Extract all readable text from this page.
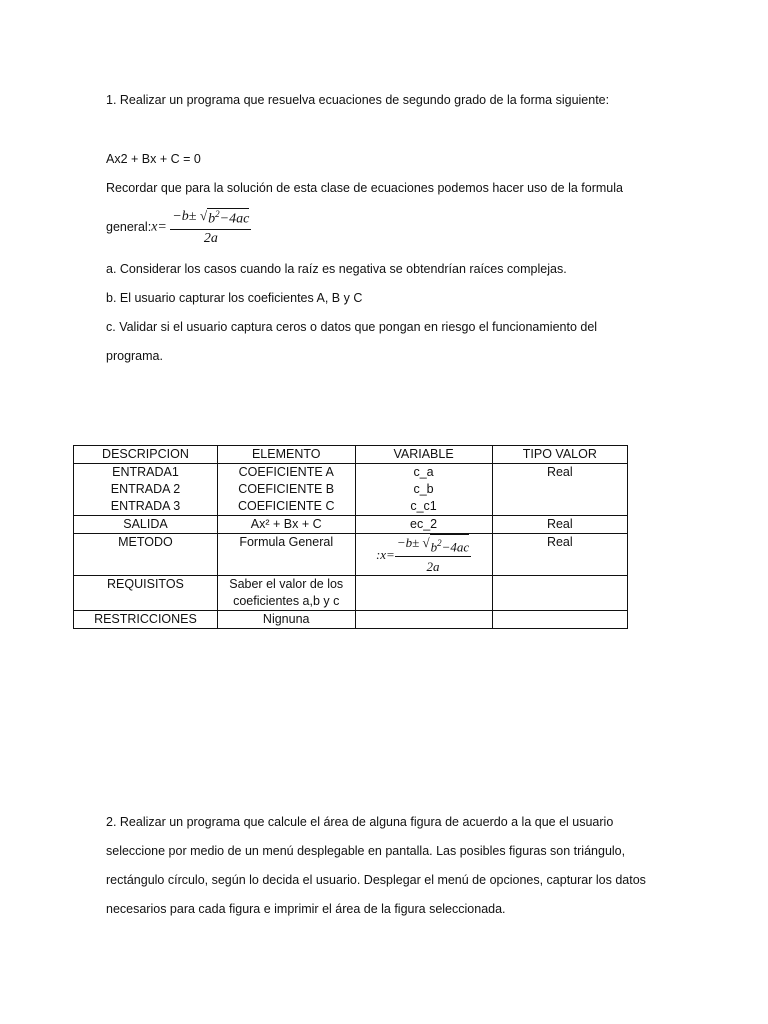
1. Realizar un programa que resuelva ecuaciones de segundo grado de la forma siguiente:
Ax2 + Bx + C = 0
Recordar que para la solución de esta clase de ecuaciones podemos hacer uso de la formula
general: $x= \frac{-b\pm √ b^2-4ac}{2a}$
a. Considerar los casos cuando la raíz es negativa se obtendrían raíces complejas.
b. El usuario capturar los coeficientes A, B y C
c. Validar si el usuario captura ceros o datos que pongan en riesgo el funcionamiento del
programa.
DESCRIPCION	ELEMENTO	VARIABLE	TIPO VALOR
ENTRADA1	COEFICIENTE A	c_a	Real
ENTRADA 2	COEFICIENTE B	c_b	
ENTRADA 3	COEFICIENTE C	c_c1	
SALIDA	Ax² + Bx + C	ec_2	Real
METODO	Formula General	:x= $\frac{-b\pm √ b^2-4ac}{2a}$	Real
REQUISITOS	Saber el valor de los coeficientes a,b y c		
RESTRICCIONES	Nignuna		
2. Realizar un programa que calcule el área de alguna figura de acuerdo a la que el usuario
seleccione por medio de un menú desplegable en pantalla. Las posibles figuras son triángulo,
rectángulo círculo, según lo decida el usuario. Desplegar el menú de opciones, capturar los datos
necesarios para cada figura e imprimir el área de la figura seleccionada.
